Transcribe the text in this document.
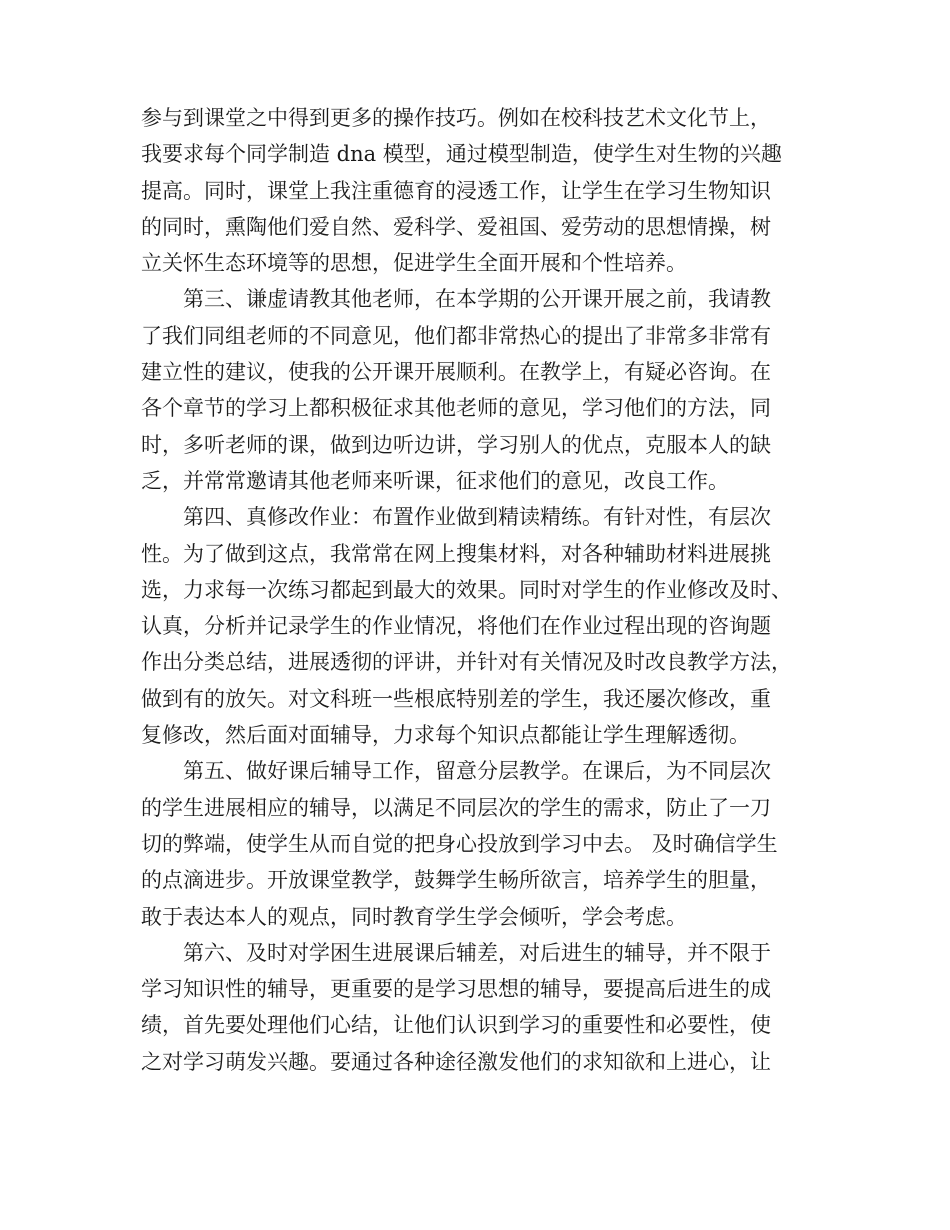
参与到课堂之中得到更多的操作技巧。例如在校科技艺术文化节上，
我要求每个同学制造 dna 模型，通过模型制造，使学生对生物的兴趣
提高。同时，课堂上我注重德育的浸透工作，让学生在学习生物知识
的同时，熏陶他们爱自然、爱科学、爱祖国、爱劳动的思想情操，树
立关怀生态环境等的思想，促进学生全面开展和个性培养。
第三、谦虚请教其他老师，在本学期的公开课开展之前，我请教
了我们同组老师的不同意见，他们都非常热心的提出了非常多非常有
建立性的建议，使我的公开课开展顺利。在教学上，有疑必咨询。在
各个章节的学习上都积极征求其他老师的意见，学习他们的方法，同
时，多听老师的课，做到边听边讲，学习别人的优点，克服本人的缺
乏，并常常邀请其他老师来听课，征求他们的意见，改良工作。
第四、真修改作业：布置作业做到精读精练。有针对性，有层次
性。为了做到这点，我常常在网上搜集材料，对各种辅助材料进展挑
选，力求每一次练习都起到最大的效果。同时对学生的作业修改及时、
认真，分析并记录学生的作业情况，将他们在作业过程出现的咨询题
作出分类总结，进展透彻的评讲，并针对有关情况及时改良教学方法，
做到有的放矢。对文科班一些根底特别差的学生，我还屡次修改，重
复修改，然后面对面辅导，力求每个知识点都能让学生理解透彻。
第五、做好课后辅导工作，留意分层教学。在课后，为不同层次
的学生进展相应的辅导，以满足不同层次的学生的需求，防止了一刀
切的弊端，使学生从而自觉的把身心投放到学习中去。 及时确信学生
的点滴进步。开放课堂教学，鼓舞学生畅所欲言，培养学生的胆量，
敢于表达本人的观点，同时教育学生学会倾听，学会考虑。
第六、及时对学困生进展课后辅差，对后进生的辅导，并不限于
学习知识性的辅导，更重要的是学习思想的辅导，要提高后进生的成
绩，首先要处理他们心结，让他们认识到学习的重要性和必要性，使
之对学习萌发兴趣。要通过各种途径激发他们的求知欲和上进心，让
